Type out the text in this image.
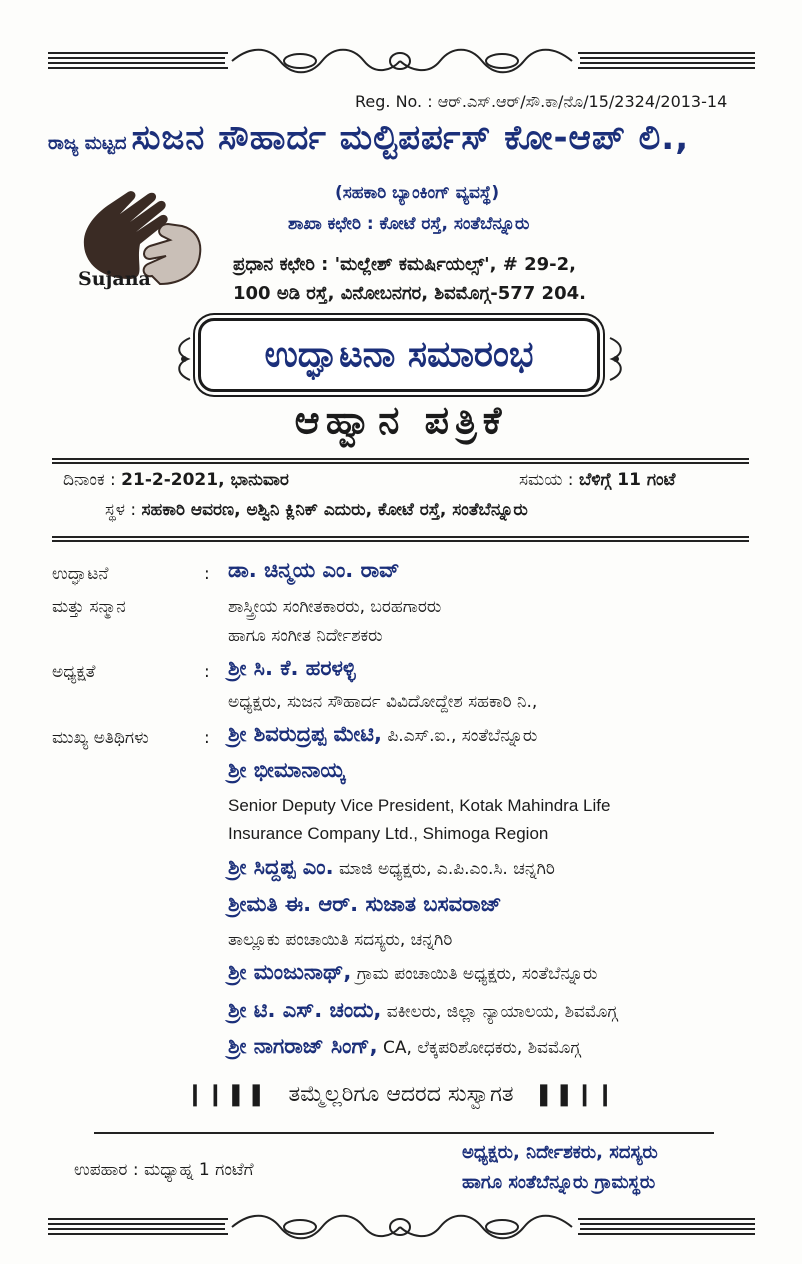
Reg. No. : ಆರ್.ಎಸ್.ಆರ್/ಸೌ.ಕಾ/ನೊ/15/2324/2013-14
ರಾಜ್ಯ ಮಟ್ಟದ ಸುಜನ ಸೌಹಾರ್ದ ಮಲ್ಟಿಪರ್ಪಸ್ ಕೋ-ಆಪ್ ಲಿ.,
Sujana
(ಸಹಕಾರಿ ಬ್ಯಾಂಕಿಂಗ್ ವ್ಯವಸ್ಥೆ)
ಶಾಖಾ ಕಛೇರಿ : ಕೋಟೆ ರಸ್ತೆ, ಸಂತೆಬೆನ್ನೂರು
ಪ್ರಧಾನ ಕಛೇರಿ : 'ಮಲ್ಲೇಶ್ ಕಮರ್ಷಿಯಲ್ಸ್', # 29-2,
100 ಅಡಿ ರಸ್ತೆ, ವಿನೋಬನಗರ, ಶಿವಮೊಗ್ಗ-577 204.
ಉದ್ಘಾಟನಾ ಸಮಾರಂಭ
ಆಹ್ವಾನ ಪತ್ರಿಕೆ
ದಿನಾಂಕ : 21-2-2021, ಭಾನುವಾರ	ಸಮಯ : ಬೆಳಿಗ್ಗೆ 11 ಗಂಟೆ
ಸ್ಥಳ : ಸಹಕಾರಿ ಆವರಣ, ಅಶ್ವಿನಿ ಕ್ಲಿನಿಕ್ ಎದುರು, ಕೋಟೆ ರಸ್ತೆ, ಸಂತೆಬೆನ್ನೂರು
ಉದ್ಘಾಟನೆ	: ಡಾ. ಚಿನ್ಮಯ ಎಂ. ರಾವ್
ಮತ್ತು ಸನ್ಮಾನ	ಶಾಸ್ತ್ರೀಯ ಸಂಗೀತಕಾರರು, ಬರಹಗಾರರು
ಹಾಗೂ ಸಂಗೀತ ನಿರ್ದೇಶಕರು
ಅಧ್ಯಕ್ಷತೆ	: ಶ್ರೀ ಸಿ. ಕೆ. ಹರಳಳ್ಳಿ
ಅಧ್ಯಕ್ಷರು, ಸುಜನ ಸೌಹಾರ್ದ ವಿವಿದೋದ್ದೇಶ ಸಹಕಾರಿ ನಿ.,
ಮುಖ್ಯ ಅತಿಥಿಗಳು	: ಶ್ರೀ ಶಿವರುದ್ರಪ್ಪ ಮೇಟಿ, ಪಿ.ಎಸ್.ಐ., ಸಂತೆಬೆನ್ನೂರು
ಶ್ರೀ ಭೀಮಾನಾಯ್ಕ
Senior Deputy Vice President, Kotak Mahindra Life
Insurance Company Ltd., Shimoga Region
ಶ್ರೀ ಸಿದ್ದಪ್ಪ ಎಂ. ಮಾಜಿ ಅಧ್ಯಕ್ಷರು, ಎ.ಪಿ.ಎಂ.ಸಿ. ಚನ್ನಗಿರಿ
ಶ್ರೀಮತಿ ಈ. ಆರ್. ಸುಜಾತ ಬಸವರಾಜ್
ತಾಲ್ಲೂಕು ಪಂಚಾಯಿತಿ ಸದಸ್ಯರು, ಚನ್ನಗಿರಿ
ಶ್ರೀ ಮಂಜುನಾಥ್, ಗ್ರಾಮ ಪಂಚಾಯಿತಿ ಅಧ್ಯಕ್ಷರು, ಸಂತೆಬೆನ್ನೂರು
ಶ್ರೀ ಟಿ. ಎಸ್. ಚಂದು, ವಕೀಲರು, ಜಿಲ್ಲಾ ನ್ಯಾಯಾಲಯ, ಶಿವಮೊಗ್ಗ
ಶ್ರೀ ನಾಗರಾಜ್ ಸಿಂಗ್, CA, ಲೆಕ್ಕಪರಿಶೋಧಕರು, ಶಿವಮೊಗ್ಗ
❙❙❚❚ ತಮ್ಮೆಲ್ಲರಿಗೂ ಆದರದ ಸುಸ್ವಾಗತ ❚❚❙❙
ಉಪಹಾರ : ಮಧ್ಯಾಹ್ನ 1 ಗಂಟೆಗೆ
ಅಧ್ಯಕ್ಷರು, ನಿರ್ದೇಶಕರು, ಸದಸ್ಯರು
ಹಾಗೂ ಸಂತೆಬೆನ್ನೂರು ಗ್ರಾಮಸ್ಥರು
